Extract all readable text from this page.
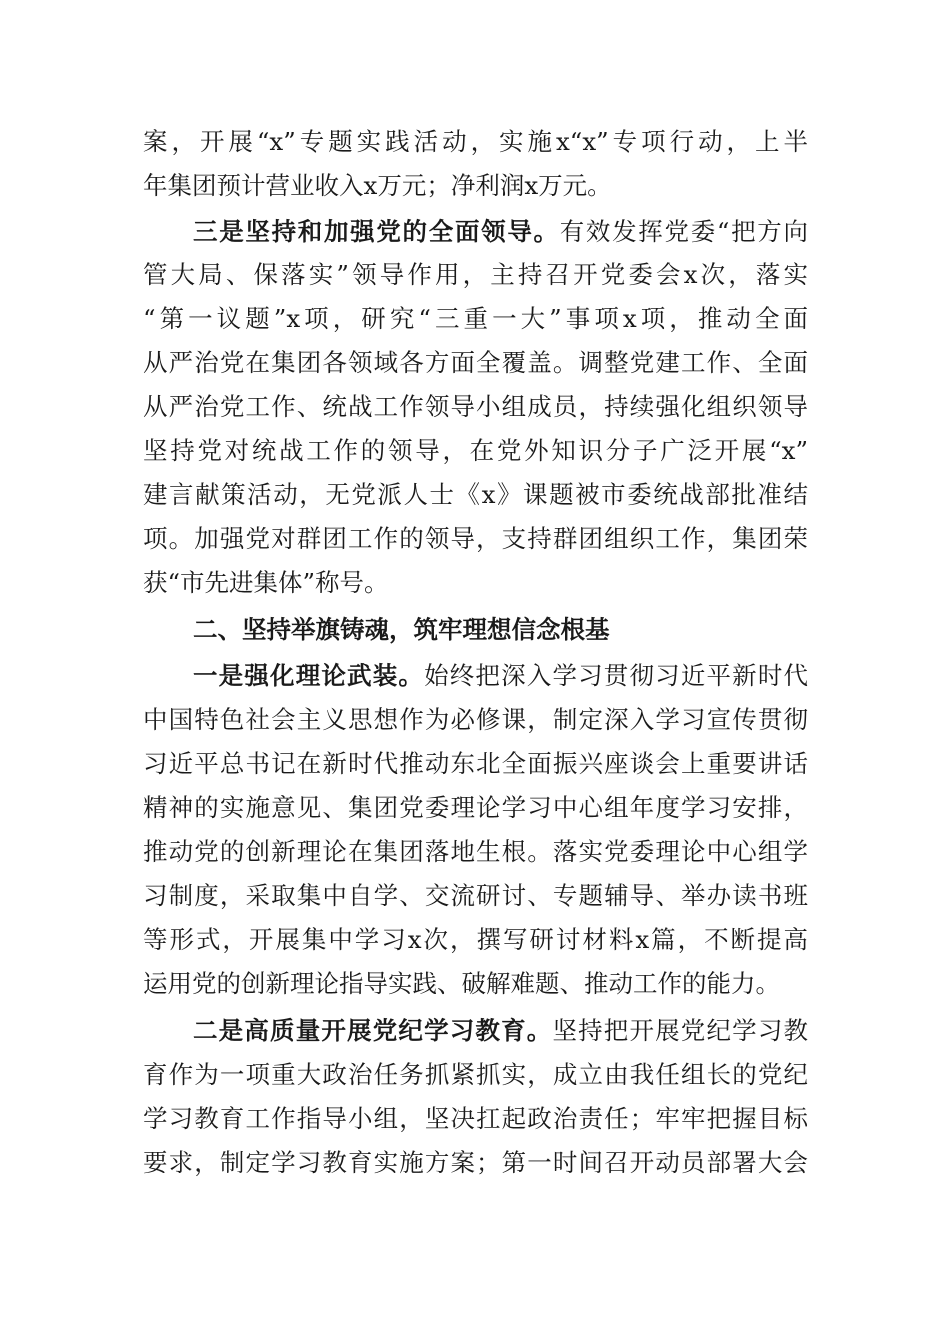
案，开展“x”专题实践活动，实施x“x”专项行动，上半
年集团预计营业收入x万元；净利润x万元。
三是坚持和加强党的全面领导。有效发挥党委“把方向
管大局、保落实”领导作用，主持召开党委会x次，落实
“第一议题”x项，研究“三重一大”事项x项，推动全面
从严治党在集团各领域各方面全覆盖。调整党建工作、全面
从严治党工作、统战工作领导小组成员，持续强化组织领导
坚持党对统战工作的领导，在党外知识分子广泛开展“x”
建言献策活动，无党派人士《x》课题被市委统战部批准结
项。加强党对群团工作的领导，支持群团组织工作，集团荣
获“市先进集体”称号。
二、坚持举旗铸魂，筑牢理想信念根基
一是强化理论武装。始终把深入学习贯彻习近平新时代
中国特色社会主义思想作为必修课，制定深入学习宣传贯彻
习近平总书记在新时代推动东北全面振兴座谈会上重要讲话
精神的实施意见、集团党委理论学习中心组年度学习安排，
推动党的创新理论在集团落地生根。落实党委理论中心组学
习制度，采取集中自学、交流研讨、专题辅导、举办读书班
等形式，开展集中学习x次，撰写研讨材料x篇，不断提高
运用党的创新理论指导实践、破解难题、推动工作的能力。
二是高质量开展党纪学习教育。坚持把开展党纪学习教
育作为一项重大政治任务抓紧抓实，成立由我任组长的党纪
学习教育工作指导小组，坚决扛起政治责任；牢牢把握目标
要求，制定学习教育实施方案；第一时间召开动员部署大会
